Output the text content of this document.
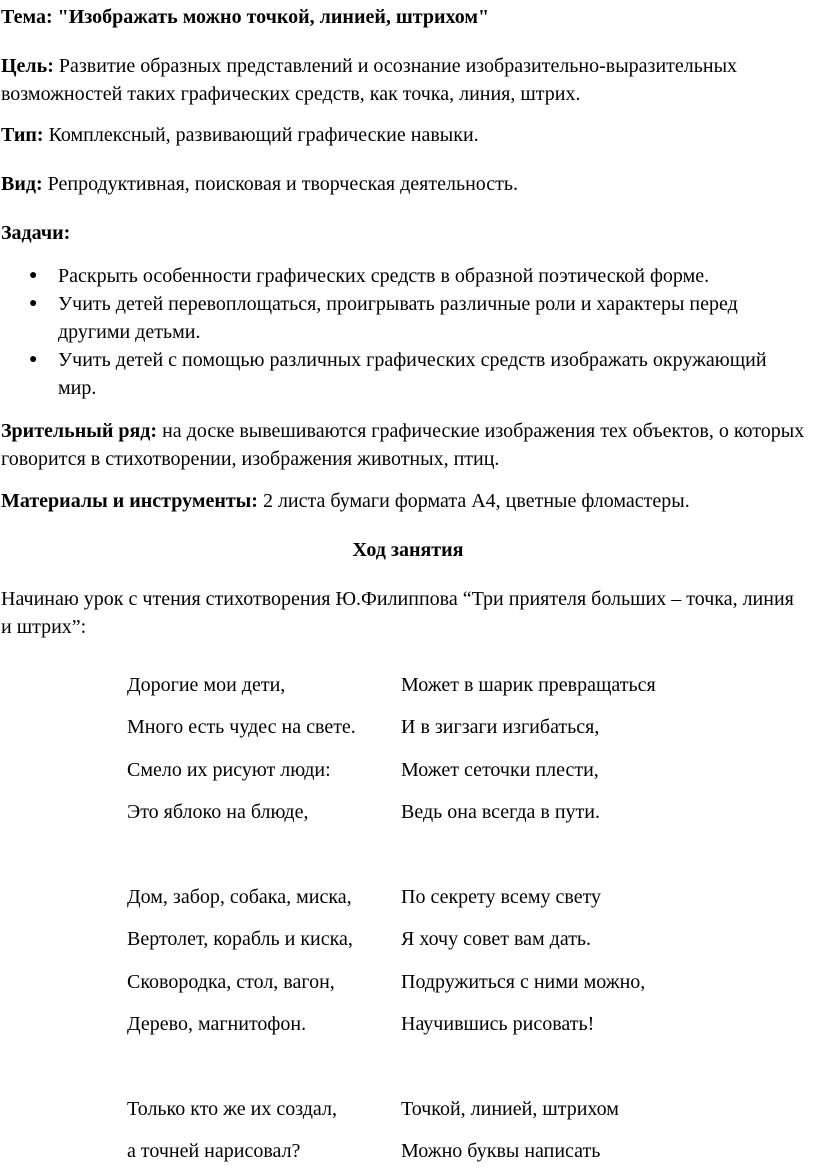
Тема: "Изображать можно точкой, линией, штрихом"

Цель: Развитие образных представлений и осознание изобразительно-выразительных возможностей таких графических средств, как точка, линия, штрих.

Тип: Комплексный, развивающий графические навыки.

Вид: Репродуктивная, поисковая и творческая деятельность.

Задачи:

● Раскрыть особенности графических средств в образной поэтической форме.
● Учить детей перевоплощаться, проигрывать различные роли и характеры перед другими детьми.
● Учить детей с помощью различных графических средств изображать окружающий мир.

Зрительный ряд: на доске вывешиваются графические изображения тех объектов, о которых говорится в стихотворении, изображения животных, птиц.

Материалы и инструменты: 2 листа бумаги формата А4, цветные фломастеры.

Ход занятия

Начинаю урок с чтения стихотворения Ю.Филиппова “Три приятеля больших – точка, линия и штрих”:

Дорогие мои дети,
Много есть чудес на свете.
Смело их рисуют люди:
Это яблоко на блюде,
Дом, забор, собака, миска,
Вертолет, корабль и киска,
Сковородка, стол, вагон,
Дерево, магнитофон.
Только кто же их создал,
а точней нарисовал?
Может в шарик превращаться
И в зигзаги изгибаться,
Может сеточки плести,
Ведь она всегда в пути.
По секрету всему свету
Я хочу совет вам дать.
Подружиться с ними можно,
Научившись рисовать!
Точкой, линией, штрихом
Можно буквы написать
